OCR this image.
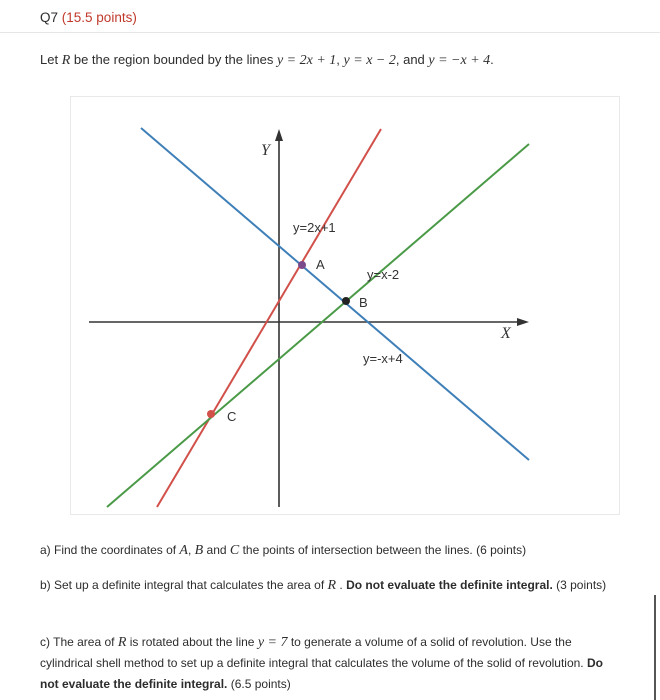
Q7 (15.5 points)
Let R be the region bounded by the lines y = 2x + 1, y = x − 2, and y = −x + 4.
Y
X
y=2x+1
y=x-2
y=-x+4
A
B
C
a) Find the coordinates of A, B and C the points of intersection between the lines. (6 points)
b) Set up a definite integral that calculates the area of R . Do not evaluate the definite integral. (3 points)
c) The area of R is rotated about the line y = 7 to generate a volume of a solid of revolution. Use the cylindrical shell method to set up a definite integral that calculates the volume of the solid of revolution. Do not evaluate the definite integral. (6.5 points)
